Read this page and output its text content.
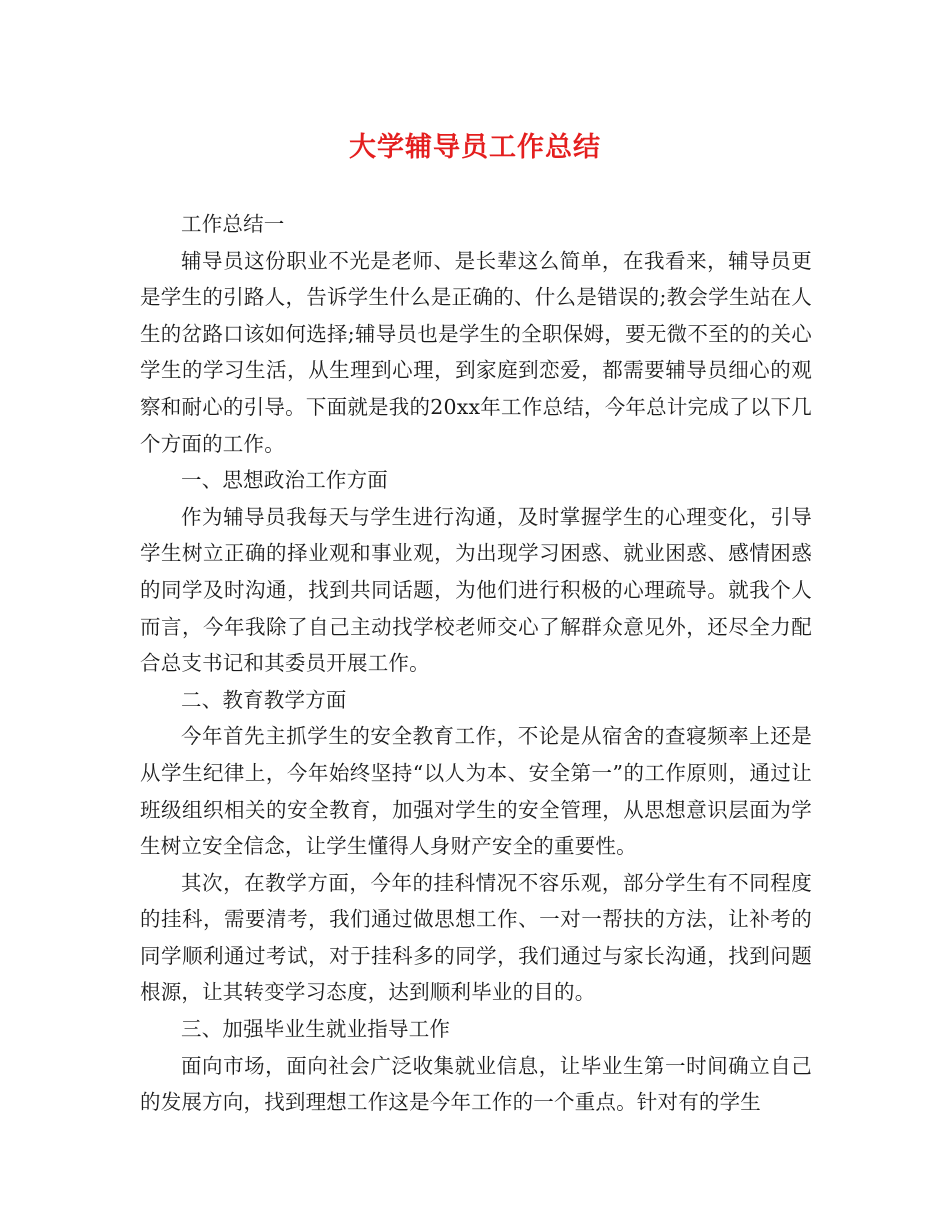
大学辅导员工作总结

工作总结一

辅导员这份职业不光是老师、是长辈这么简单，在我看来，辅导员更是学生的引路人，告诉学生什么是正确的、什么是错误的;教会学生站在人生的岔路口该如何选择;辅导员也是学生的全职保姆，要无微不至的的关心学生的学习生活，从生理到心理，到家庭到恋爱，都需要辅导员细心的观察和耐心的引导。下面就是我的20xx年工作总结，今年总计完成了以下几个方面的工作。

一、思想政治工作方面

作为辅导员我每天与学生进行沟通，及时掌握学生的心理变化，引导学生树立正确的择业观和事业观，为出现学习困惑、就业困惑、感情困惑的同学及时沟通，找到共同话题，为他们进行积极的心理疏导。就我个人而言，今年我除了自己主动找学校老师交心了解群众意见外，还尽全力配合总支书记和其委员开展工作。

二、教育教学方面

今年首先主抓学生的安全教育工作，不论是从宿舍的查寝频率上还是从学生纪律上，今年始终坚持“以人为本、安全第一”的工作原则，通过让班级组织相关的安全教育，加强对学生的安全管理，从思想意识层面为学生树立安全信念，让学生懂得人身财产安全的重要性。

其次，在教学方面，今年的挂科情况不容乐观，部分学生有不同程度的挂科，需要清考，我们通过做思想工作、一对一帮扶的方法，让补考的同学顺利通过考试，对于挂科多的同学，我们通过与家长沟通，找到问题根源，让其转变学习态度，达到顺利毕业的目的。

三、加强毕业生就业指导工作

面向市场，面向社会广泛收集就业信息，让毕业生第一时间确立自己的发展方向，找到理想工作这是今年工作的一个重点。针对有的学生
